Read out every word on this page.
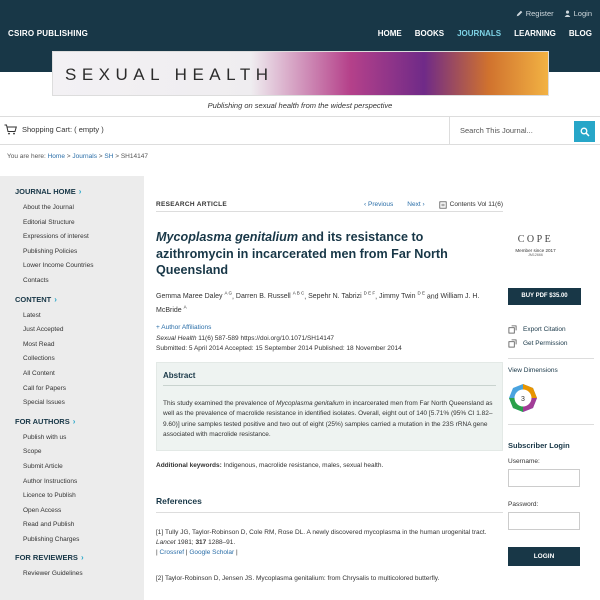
Register	Login
CSIRO PUBLISHING	HOME BOOKS JOURNALS LEARNING BLOG
SEXUAL HEALTH
Publishing on sexual health from the widest perspective
Shopping Cart: ( empty )	Search This Journal...
You are here: Home > Journals > SH > SH14147
JOURNAL HOME ›
About the Journal
Editorial Structure
Expressions of interest
Publishing Policies
Lower Income Countries
Contacts
CONTENT ›
Latest
Just Accepted
Most Read
Collections
All Content
Call for Papers
Special Issues
FOR AUTHORS ›
Publish with us
Scope
Submit Article
Author Instructions
Licence to Publish
Open Access
Read and Publish
Publishing Charges
FOR REVIEWERS ›
Reviewer Guidelines
RESEARCH ARTICLE	‹ Previous Next ›	Contents Vol 11(6)
Mycoplasma genitalium and its resistance to azithromycin in incarcerated men from Far North Queensland
Gemma Maree Daley $^{A G}$, Darren B. Russell $^{A B C}$, Sepehr N. Tabrizi $^{D E F}$, Jimmy Twin $^{D E}$ and William J. H. McBride $^A$
+ Author Affiliations
Sexual Health 11(6) 587-589 https://doi.org/10.1071/SH14147
Submitted: 5 April 2014 Accepted: 15 September 2014 Published: 18 November 2014
Abstract

This study examined the prevalence of Mycoplasma genitalium in incarcerated men from Far North Queensland as well as the prevalence of macrolide resistance in identified isolates. Overall, eight out of 140 [5.71% (95% CI 1.82–9.60)] urine samples tested positive and two out of eight (25%) samples carried a mutation in the 23S rRNA gene associated with macrolide resistance.

Additional keywords: Indigenous, macrolide resistance, males, sexual health.
References
[1] Tully JG, Taylor-Robinson D, Cole RM, Rose DL. A newly discovered mycoplasma in the human urogenital tract. Lancet 1981; 317 1288–91.
| Crossref | Google Scholar |
[2] Taylor-Robinson D, Jensen JS. Mycoplasma genitalium: from Chrysalis to multicolored butterfly.
COPE
Member since 2017
JM12666
BUY PDF $35.00
Export Citation
Get Permission
View Dimensions
3
Subscriber Login
Username:
Password:
LOGIN
